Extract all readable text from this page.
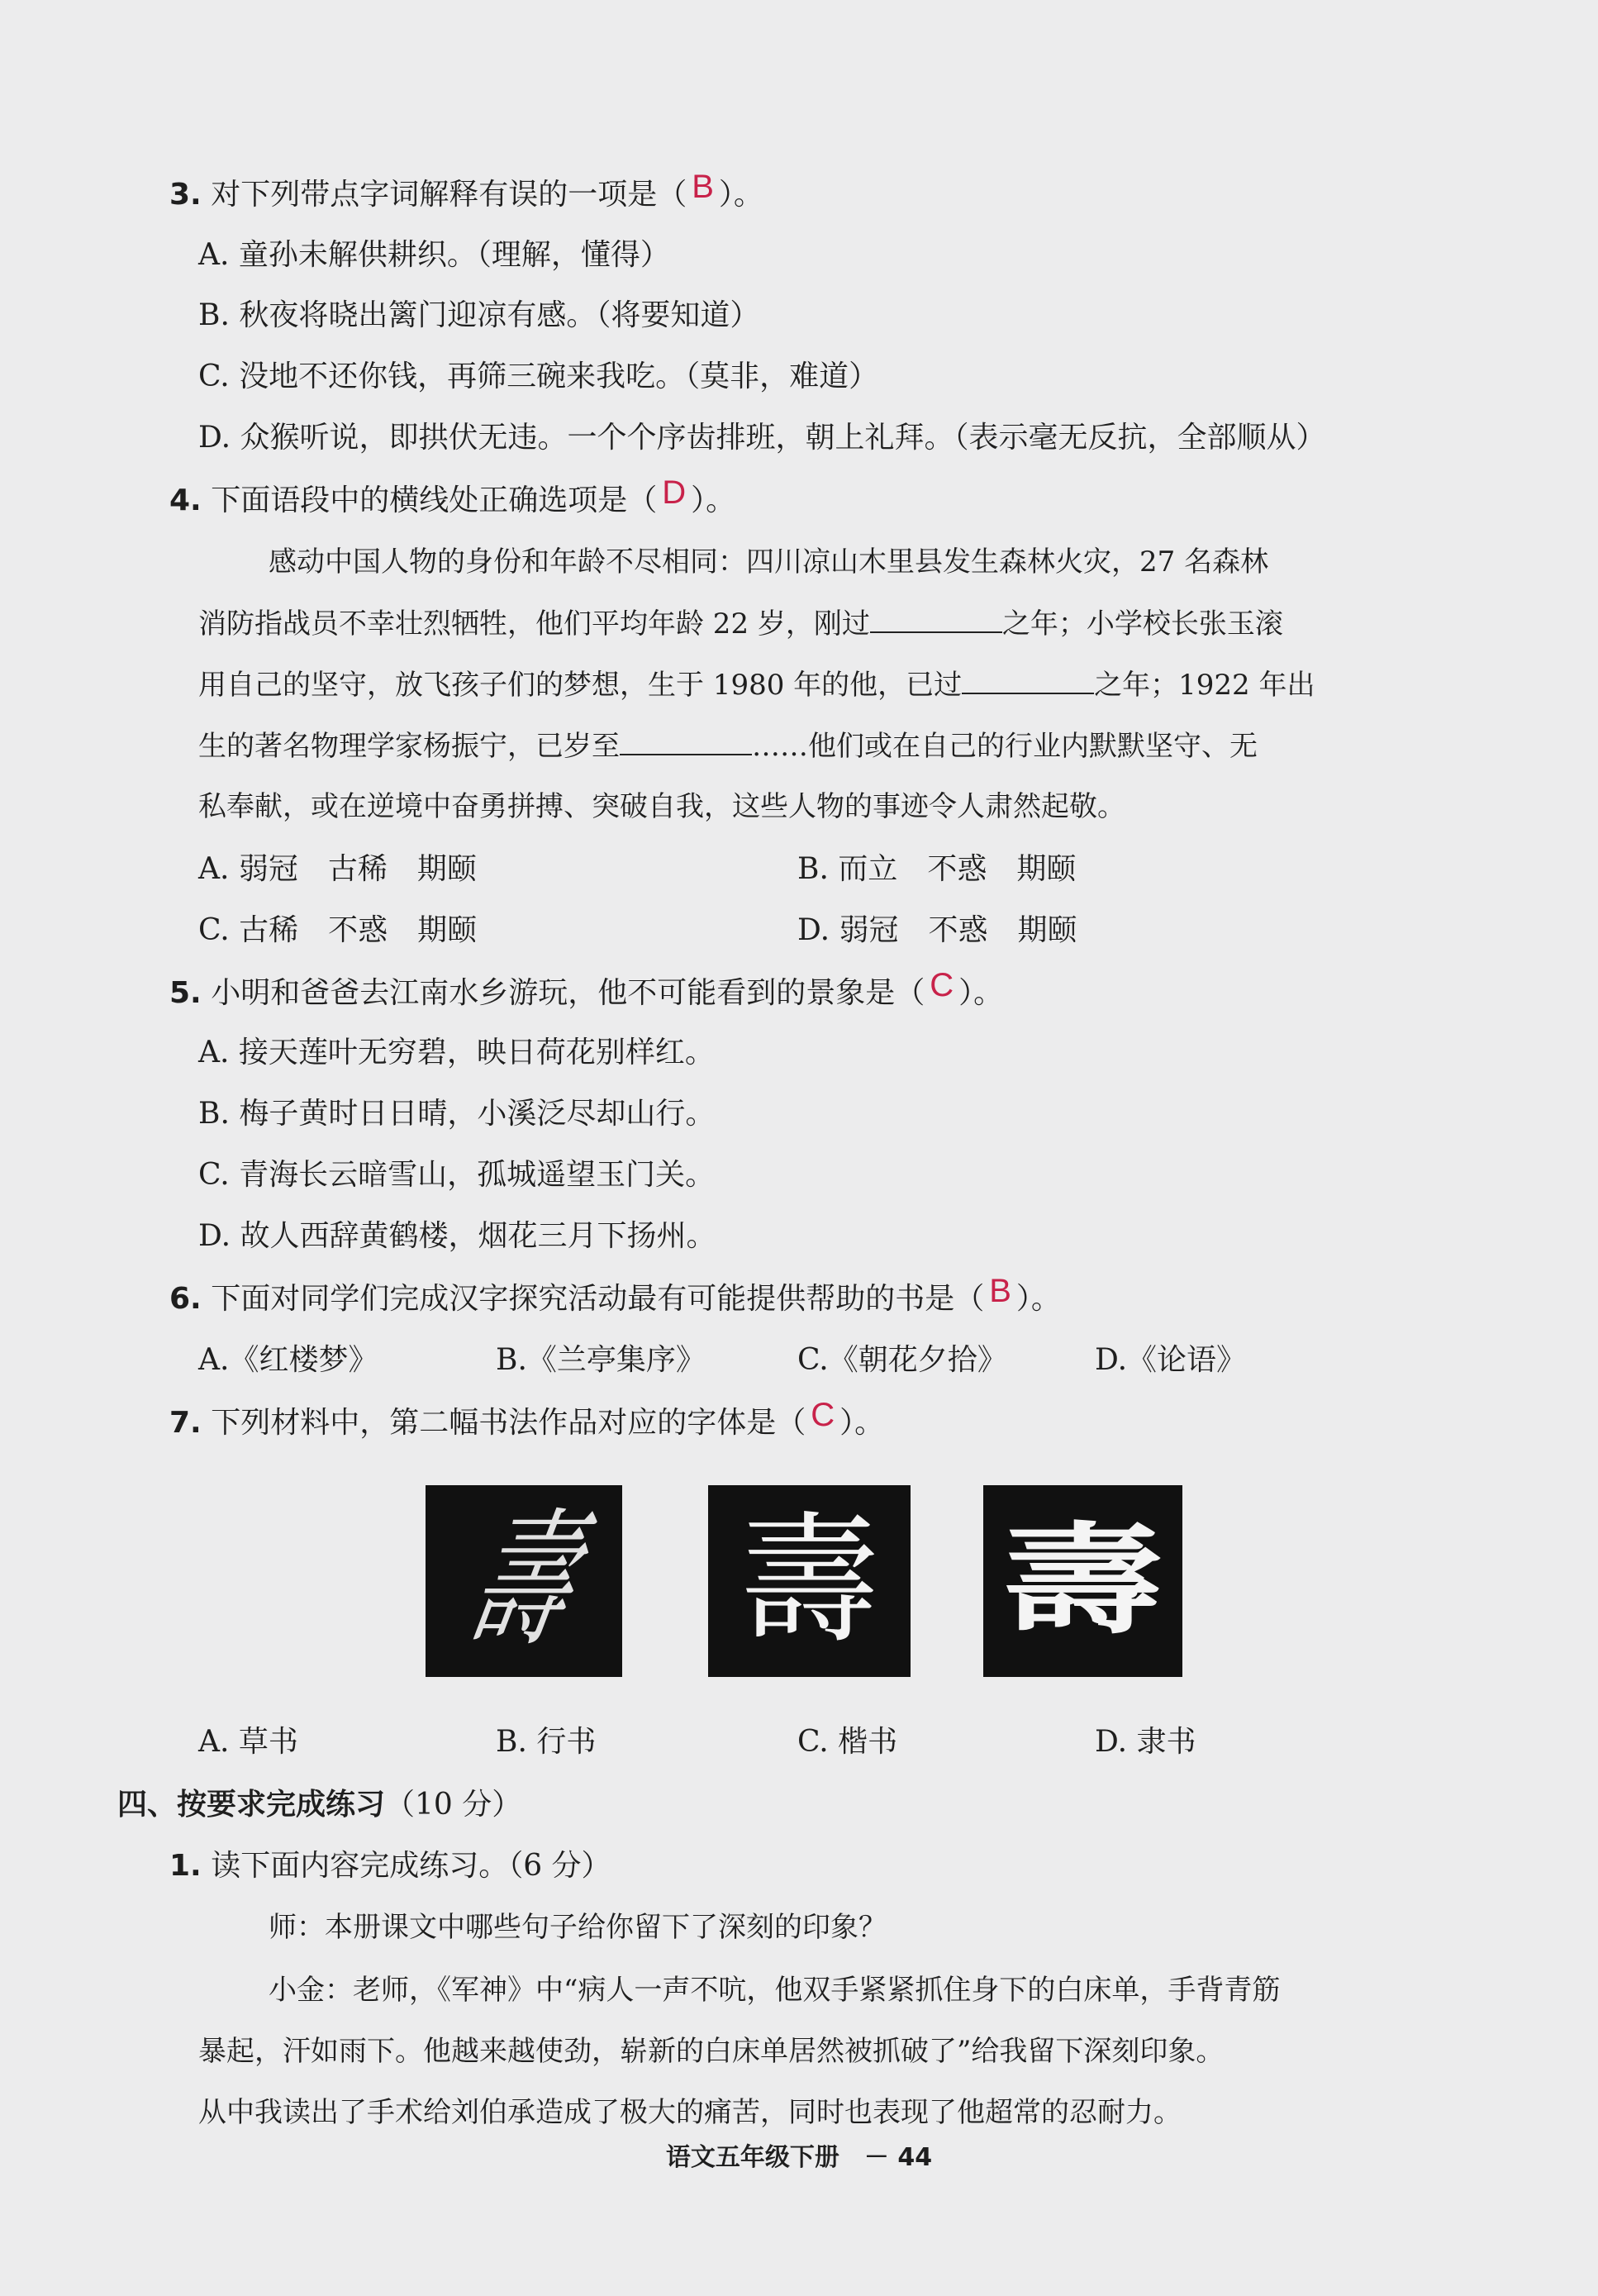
3. 对下列带点字词解释有误的一项是（ B ）。
A. 童孙未解供耕织。（理解，懂得）
B. 秋夜将晓出篱门迎凉有感。（将要知道）
C. 没地不还你钱，再筛三碗来我吃。（莫非，难道）
D. 众猴听说，即拱伏无违。一个个序齿排班，朝上礼拜。（表示毫无反抗，全部顺从）
4. 下面语段中的横线处正确选项是（ D ）。
感动中国人物的身份和年龄不尽相同：四川凉山木里县发生森林火灾，27 名森林
消防指战员不幸壮烈牺牲，他们平均年龄 22 岁，刚过	之年；小学校长张玉滚
用自己的坚守，放飞孩子们的梦想，生于 1980 年的他，已过	之年；1922 年出
生的著名物理学家杨振宁，已岁至	……他们或在自己的行业内默默坚守、无
私奉献，或在逆境中奋勇拼搏、突破自我，这些人物的事迹令人肃然起敬。
A. 弱冠　古稀　期颐	B. 而立　不惑　期颐
C. 古稀　不惑　期颐	D. 弱冠　不惑　期颐
5. 小明和爸爸去江南水乡游玩，他不可能看到的景象是（ C ）。
A. 接天莲叶无穷碧，映日荷花别样红。
B. 梅子黄时日日晴，小溪泛尽却山行。
C. 青海长云暗雪山，孤城遥望玉门关。
D. 故人西辞黄鹤楼，烟花三月下扬州。
6. 下面对同学们完成汉字探究活动最有可能提供帮助的书是（ B ）。
A.《红楼梦》	B.《兰亭集序》	C.《朝花夕拾》	D.《论语》
7. 下列材料中，第二幅书法作品对应的字体是（ C ）。
壽 壽 壽
A. 草书	B. 行书	C. 楷书	D. 隶书
四、按要求完成练习（10 分）
1. 读下面内容完成练习。（6 分）
师：本册课文中哪些句子给你留下了深刻的印象？
小金：老师，《军神》中“病人一声不吭，他双手紧紧抓住身下的白床单，手背青筋
暴起，汗如雨下。他越来越使劲，崭新的白床单居然被抓破了”给我留下深刻印象。
从中我读出了手术给刘伯承造成了极大的痛苦，同时也表现了他超常的忍耐力。
语文五年级下册　－ 44
